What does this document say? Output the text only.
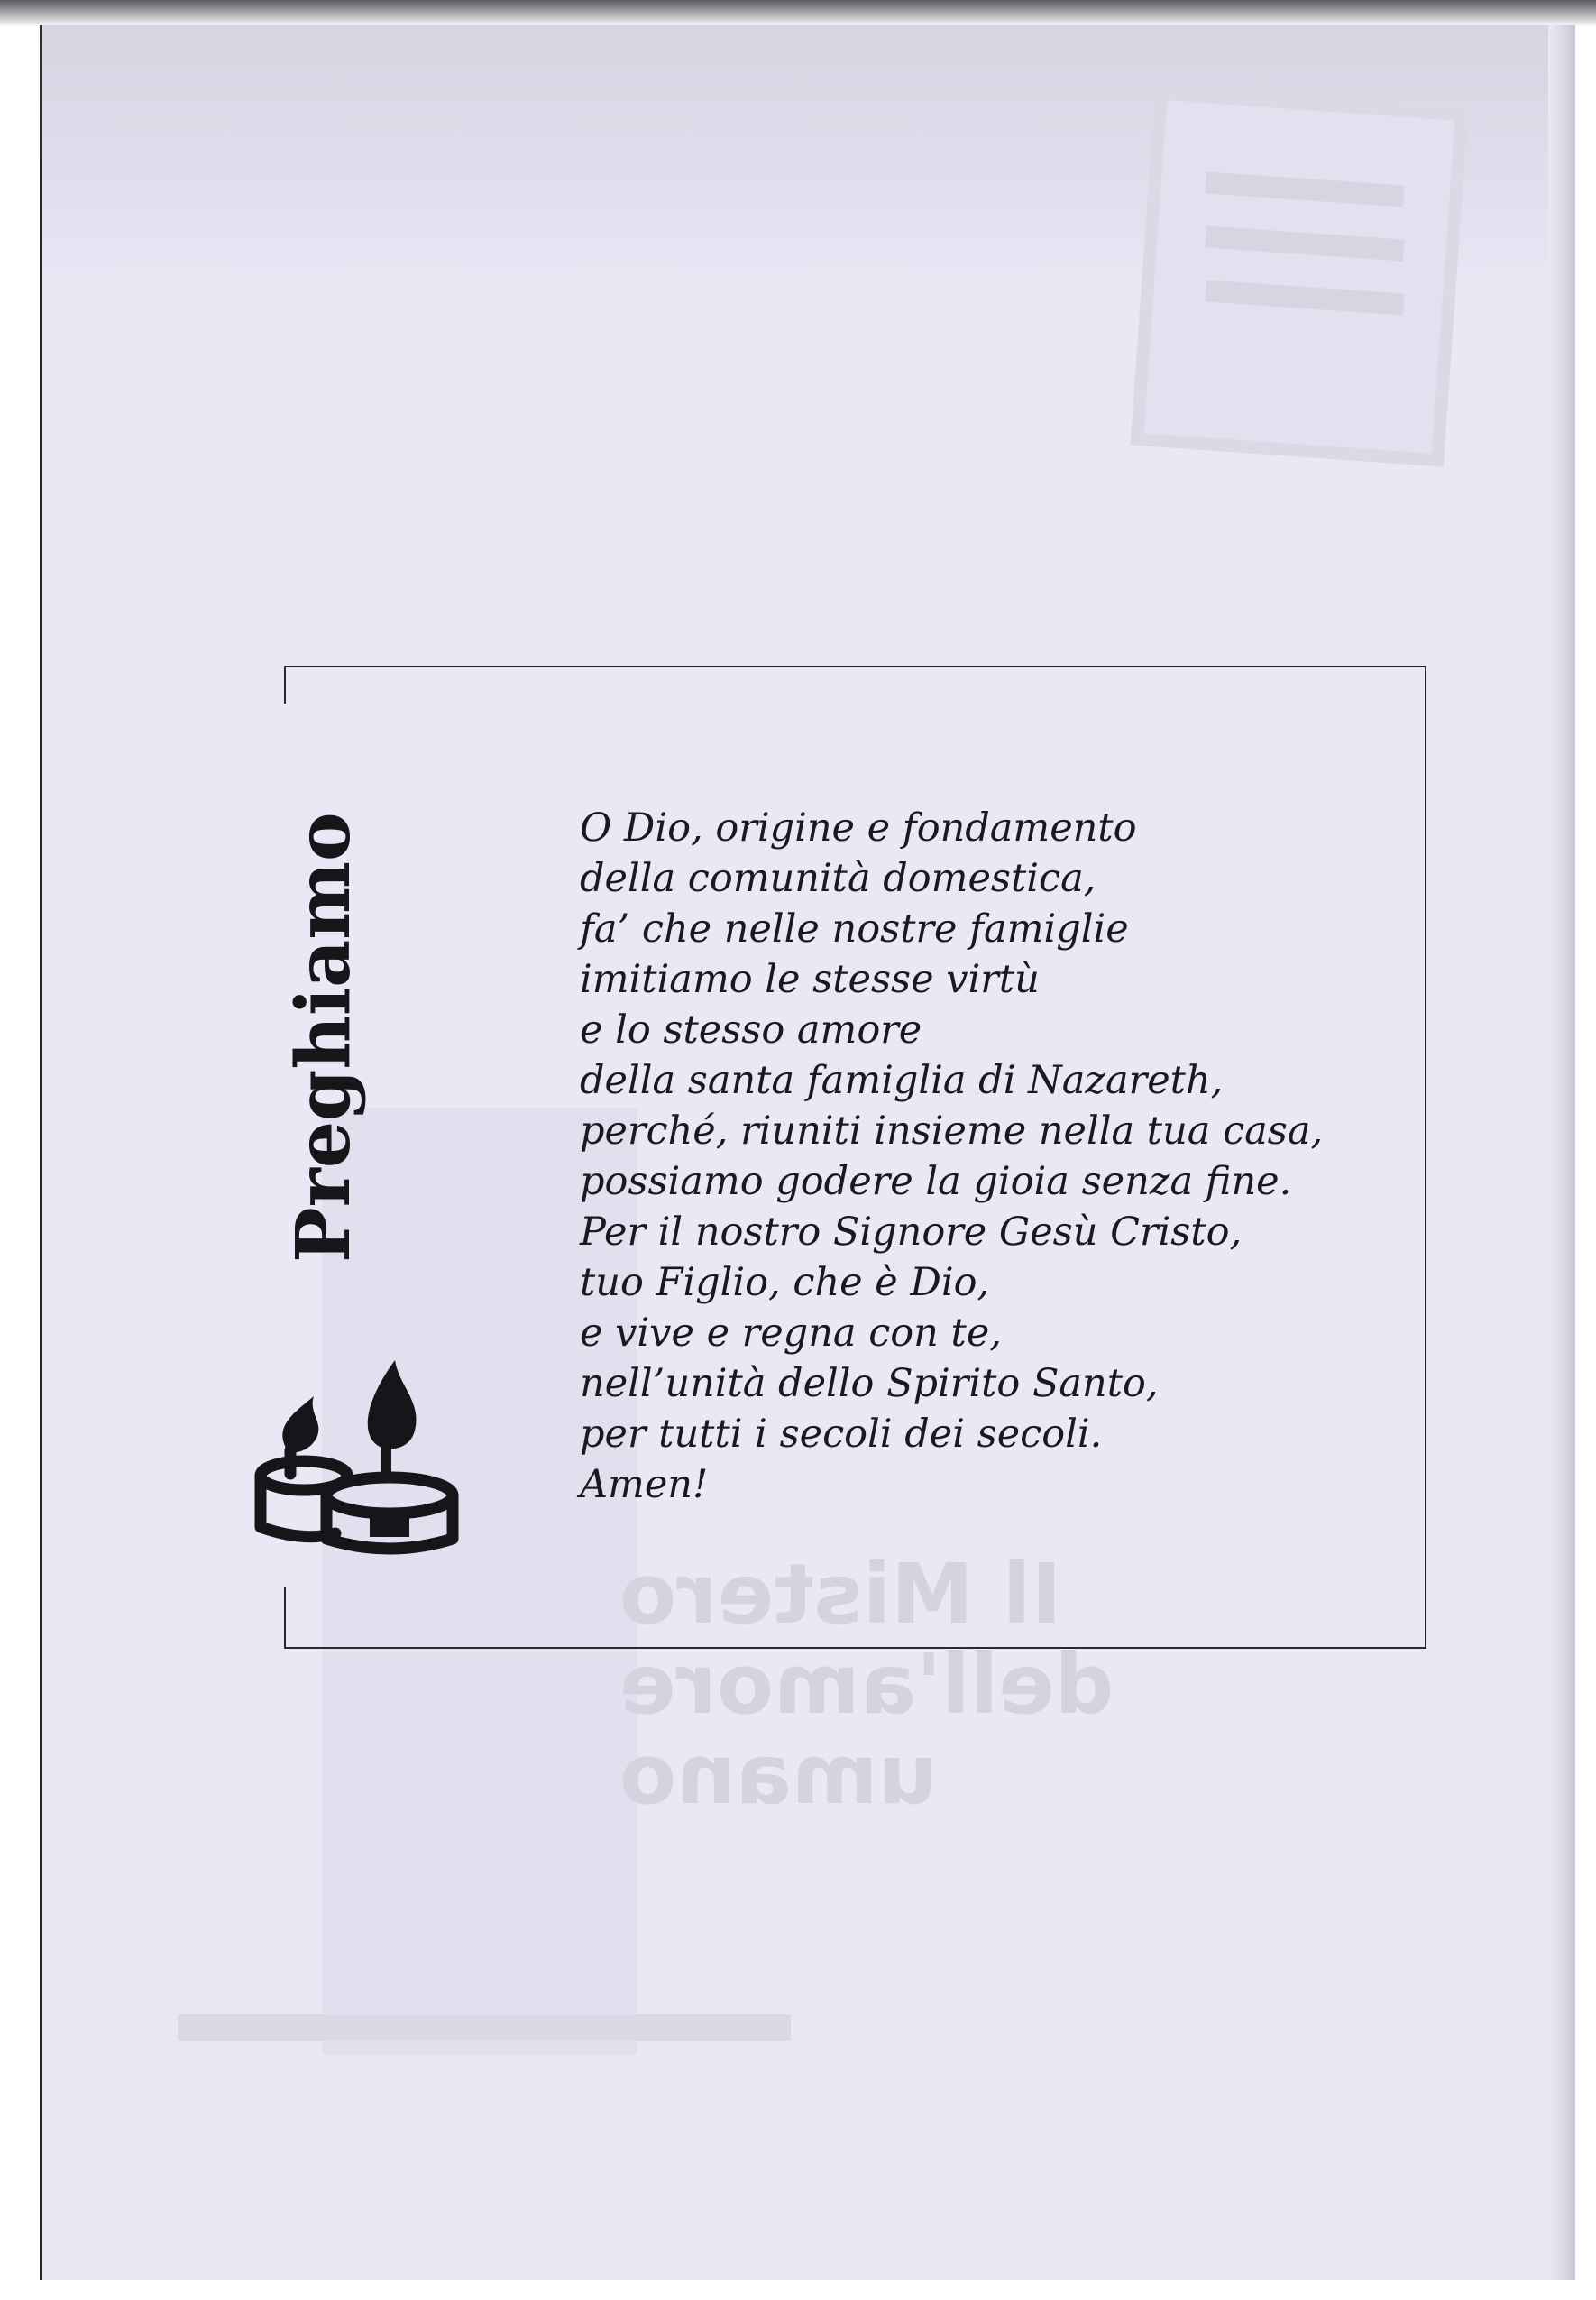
Il Mistero
dell'amore
umano
Preghiamo	O Dio, origine e fondamento
della comunità domestica,
fa’ che nelle nostre famiglie
imitiamo le stesse virtù
e lo stesso amore
della santa famiglia di Nazareth,
perché, riuniti insieme nella tua casa,
possiamo godere la gioia senza fine.
Per il nostro Signore Gesù Cristo,
tuo Figlio, che è Dio,
e vive e regna con te,
nell’unità dello Spirito Santo,
per tutti i secoli dei secoli.
Amen!
